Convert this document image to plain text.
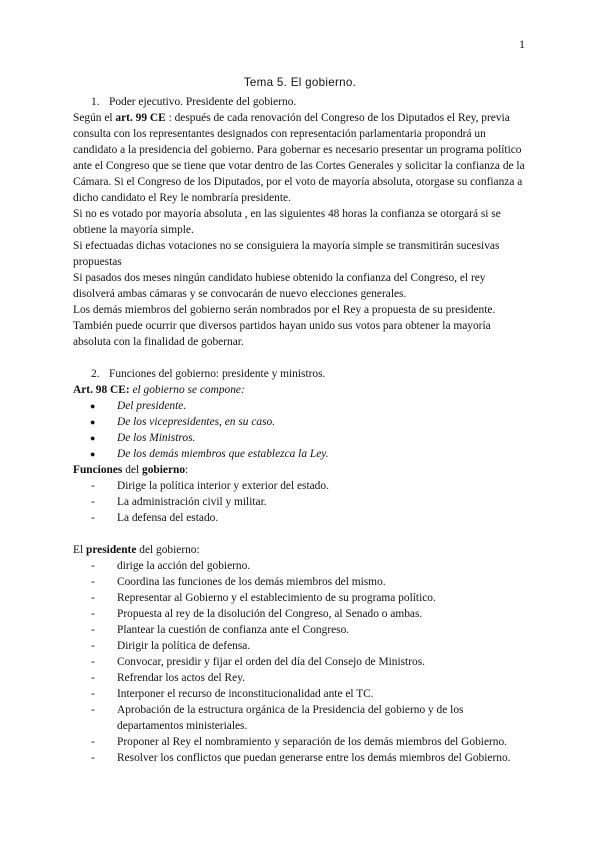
1
Tema 5. El gobierno.
1. Poder ejecutivo. Presidente del gobierno.

Según el art. 99 CE : después de cada renovación del Congreso de los Diputados el Rey, previa consulta con los representantes designados con representación parlamentaria propondrá un candidato a la presidencia del gobierno. Para gobernar es necesario presentar un programa político ante el Congreso que se tiene que votar dentro de las Cortes Generales y solicitar la confianza de la Cámara. Si el Congreso de los Diputados, por el voto de mayoría absoluta, otorgase su confianza a dicho candidato el Rey le nombraría presidente.

Si no es votado por mayoría absoluta , en las siguientes 48 horas la confianza se otorgará si se obtiene la mayoría simple.

Si efectuadas dichas votaciones no se consiguiera la mayoría simple se transmitirán sucesivas propuestas

Si pasados dos meses ningún candidato hubiese obtenido la confianza del Congreso, el rey disolverá ambas cámaras y se convocarán de nuevo elecciones generales.

Los demás miembros del gobierno serán nombrados por el Rey a propuesta de su presidente.

También puede ocurrir que diversos partidos hayan unido sus votos para obtener la mayoría absoluta con la finalidad de gobernar.

2. Funciones del gobierno: presidente y ministros.

Art. 98 CE: el gobierno se compone:

● Del presidente.
● De los vicepresidentes, en su caso.
● De los Ministros.
● De los demás miembros que establezca la Ley.

Funciones del gobierno:

- Dirige la política interior y exterior del estado.
- La administración civil y militar.
- La defensa del estado.

El presidente del gobierno:

- dirige la acción del gobierno.
- Coordina las funciones de los demás miembros del mismo.
- Representar al Gobierno y el establecimiento de su programa político.
- Propuesta al rey de la disolución del Congreso, al Senado o ambas.
- Plantear la cuestión de confianza ante el Congreso.
- Dirigir la política de defensa.
- Convocar, presidir y fijar el orden del día del Consejo de Ministros.
- Refrendar los actos del Rey.
- Interponer el recurso de inconstitucionalidad ante el TC.
- Aprobación de la estructura orgánica de la Presidencia del gobierno y de los departamentos ministeriales.
- Proponer al Rey el nombramiento y separación de los demás miembros del Gobierno.
- Resolver los conflictos que puedan generarse entre los demás miembros del Gobierno.
